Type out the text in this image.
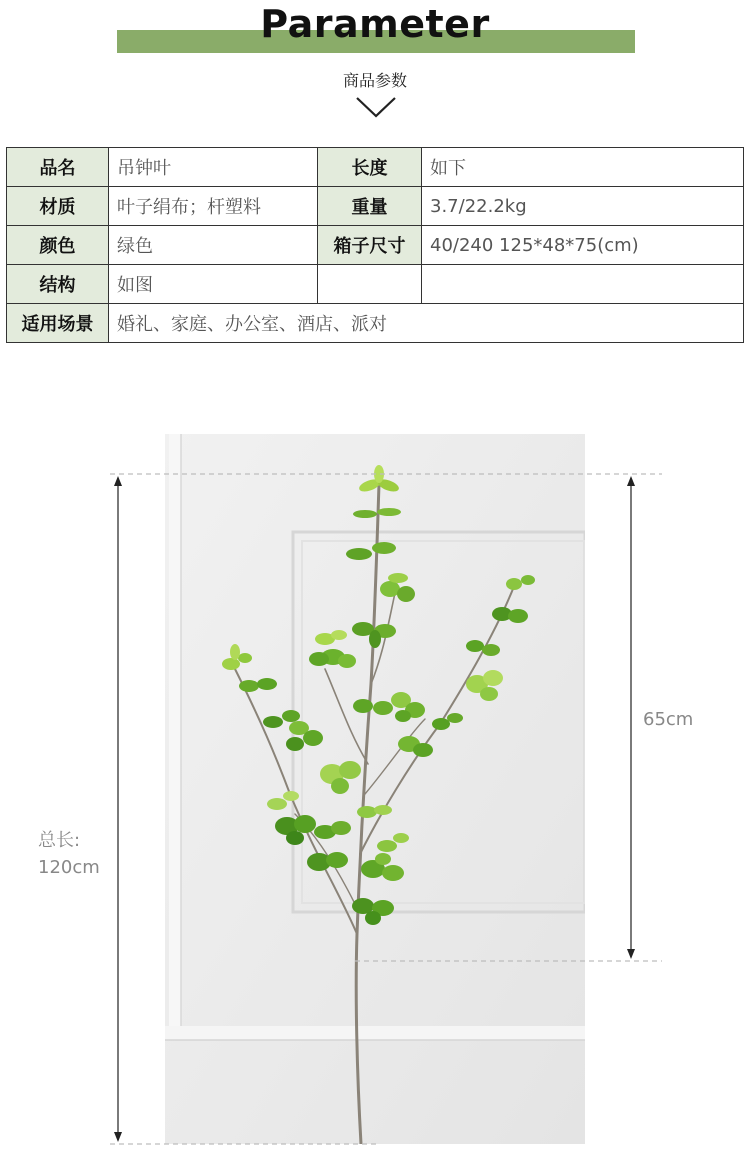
Parameter
商品参数
品名	吊钟叶	长度	如下
材质	叶子绢布；杆塑料	重量	3.7/22.2kg
颜色	绿色	箱子尺寸	40/240 125*48*75(cm)
结构	如图		
适用场景	婚礼、家庭、办公室、酒店、派对		
总长:
120cm
65cm
